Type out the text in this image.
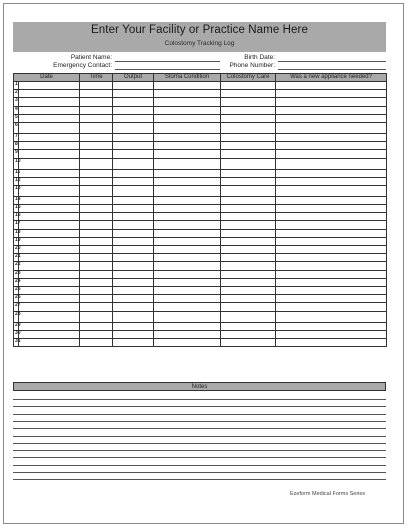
Enter Your Facility or Practice Name Here
Colostomy Tracking Log
Patient Name:
Emergency Contact:
Birth Date:
Phone Number:
Date		Time	Output	Stoma Condition	Colostomy Care	Was a new appliance needed?
1						
2						
3						
4						
5						
6						
7						
8						
9						
10						
11						
12						
13						
14						
15						
16						
17						
18						
19						
20						
21						
22						
23						
24						
25						
26						
27						
28						
29						
30						
31						
Notes
Ezeform Medical Forms Series
